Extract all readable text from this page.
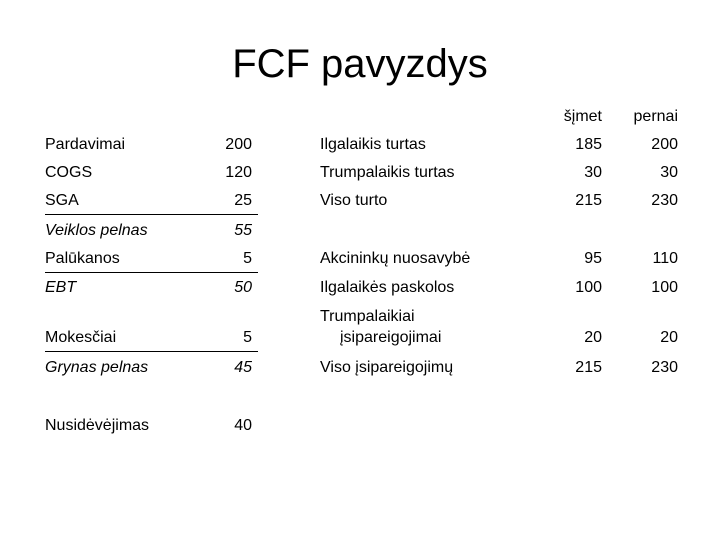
FCF pavyzdys
Pardavimai	200
COGS	120
SGA	25
Veiklos pelnas	55
Palūkanos	5
EBT	50
Mokesčiai	5
Grynas pelnas	45
Nusidėvėjimas	40
šįmet	pernai
Ilgalaikis turtas	185	200
Trumpalaikis turtas	30	30
Viso turto	215	230
Akcininkų nuosavybė	95	110
Ilgalaikės paskolos	100	100
Trumpalaikiai
įsipareigojimai	20	20
Viso įsipareigojimų	215	230
